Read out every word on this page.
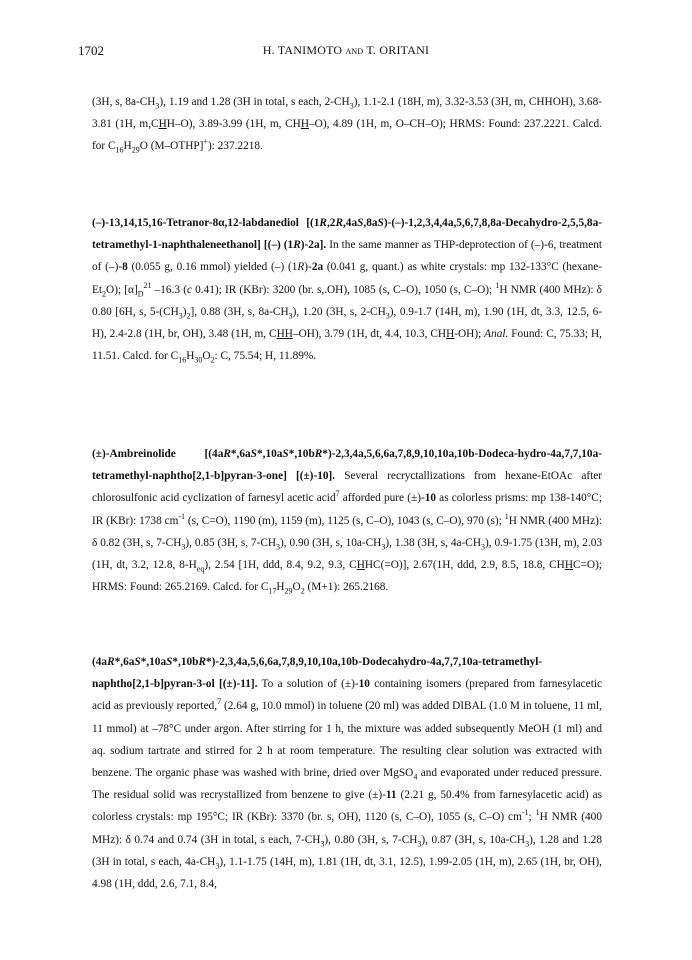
1702	H. TANIMOTO and T. ORITANI

(3H, s, $8a-CH_3$), 1.19 and 1.28 (3H in total, s each, $2-CH_3$), 1.1-2.1 (18H, m), 3.32-3.53 (3H, m, CHHOH), 3.68-3.81 (1H, m,CHH–O), 3.89-3.99 (1H, m, CHH–O), 4.89 (1H, m, O–CH–O); HRMS: Found: 237.2221. Calcd. for $C_{16}H_{29}O$ (M–OTHP]+): 237.2218.

(–)-13,14,15,16-Tetranor-8α,12-labdanediol [(1R,2R,4aS,8aS)-(–)-1,2,3,4,4a,5,6,7,8,8a-Decahydro-2,5,5,8a-tetramethyl-1-naphthaleneethanol] [(–) (1R)-2a]. In the same manner as THP-deprotection of (–)-6, treatment of (–)-8 (0.055 g, 0.16 mmol) yielded (–) (1R)-2a (0.041 g, quant.) as white crystals: mp 132-133°C $(hexane-Et_2O)$; $[\alpha]_D^{21}$ –16.3 (c 0.41); IR (KBr): 3200 (br. s,.OH), 1085 (s, C–O), 1050 (s, C–O); $^1$H NMR (400 MHz): δ 0.80 [6H, s, $5-(CH_3)_2$], 0.88 (3H, s, $8a-CH_3$), 1.20 (3H, s, $2-CH_3$), 0.9-1.7 (14H, m), 1.90 (1H, dt, 3.3, 12.5, 6-H), 2.4-2.8 (1H, br, OH), 3.48 (1H, m, CHH–OH), 3.79 (1H, dt, 4.4, 10.3, CHH-OH); Anal. Found: C, 75.33; H, 11.51. Calcd. for $C_{16}H_{30}O_2$: C, 75.54; H, 11.89%.

(±)-Ambreinolide [(4aR*,6aS*,10aS*,10bR*)-2,3,4a,5,6,6a,7,8,9,10,10a,10b-Dodeca-hydro-4a,7,7,10a-tetramethyl-naphtho[2,1-b]pyran-3-one] [(±)-10]. Several recryctallizations from hexane-EtOAc after chlorosulfonic acid cyclization of farnesyl acetic acid$^7$ afforded pure (±)-10 as colorless prisms: mp 138-140°C; IR (KBr): 1738 $cm^{-1}$ (s, C=O), 1190 (m), 1159 (m), 1125 (s, C–O), 1043 (s, C–O), 970 (s); $^1$H NMR (400 MHz): δ 0.82 (3H, s, $7-CH_3$), 0.85 (3H, s, $7-CH_3$), 0.90 (3H, s, $10a-CH_3$), 1.38 (3H, s, $4a-CH_3$), 0.9-1.75 (13H, m), 2.03 (1H, dt, 3.2, 12.8, $8-H_{eq}$), 2.54 [1H, ddd, 8.4, 9.2, 9.3, CHHC(=O)], 2.67(1H, ddd, 2.9, 8.5, 18.8, CHHC=O); HRMS: Found: 265.2169. Calcd. for $C_{17}H_{29}O_2$ (M+1): 265.2168.

(4aR*,6aS*,10aS*,10bR*)-2,3,4a,5,6,6a,7,8,9,10,10a,10b-Dodecahydro-4a,7,7,10a-tetramethyl-naphtho[2,1-b]pyran-3-ol [(±)-11]. To a solution of (±)-10 containing isomers (prepared from farnesylacetic acid as previously reported,$^7$ (2.64 g, 10.0 mmol) in toluene (20 ml) was added DIBAL (1.0 M in toluene, 11 ml, 11 mmol) at –78°C under argon. After stirring for 1 h, the mixture was added subsequently MeOH (1 ml) and aq. sodium tartrate and stirred for 2 h at room temperature. The resulting clear solution was extracted with benzene. The organic phase was washed with brine, dried over MgSO$_4$ and evaporated under reduced pressure. The residual solid was recrystallized from benzene to give (±)-11 (2.21 g, 50.4% from farnesylacetic acid) as colorless crystals: mp 195°C; IR (KBr): 3370 (br. s, OH), 1120 (s, C–O), 1055 (s, C–O) $cm^{-1}$; $^1$H NMR (400 MHz): δ 0.74 and 0.74 (3H in total, s each, $7-CH_3$), 0.80 (3H, s, $7-CH_3$), 0.87 (3H, s, $10a-CH_3$), 1.28 and 1.28 (3H in total, s each, $4a-CH_3$), 1.1-1.75 (14H, m), 1.81 (1H, dt, 3.1, 12.5), 1.99-2.05 (1H, m), 2.65 (1H, br, OH), 4.98 (1H, ddd, 2.6, 7.1, 8.4,
